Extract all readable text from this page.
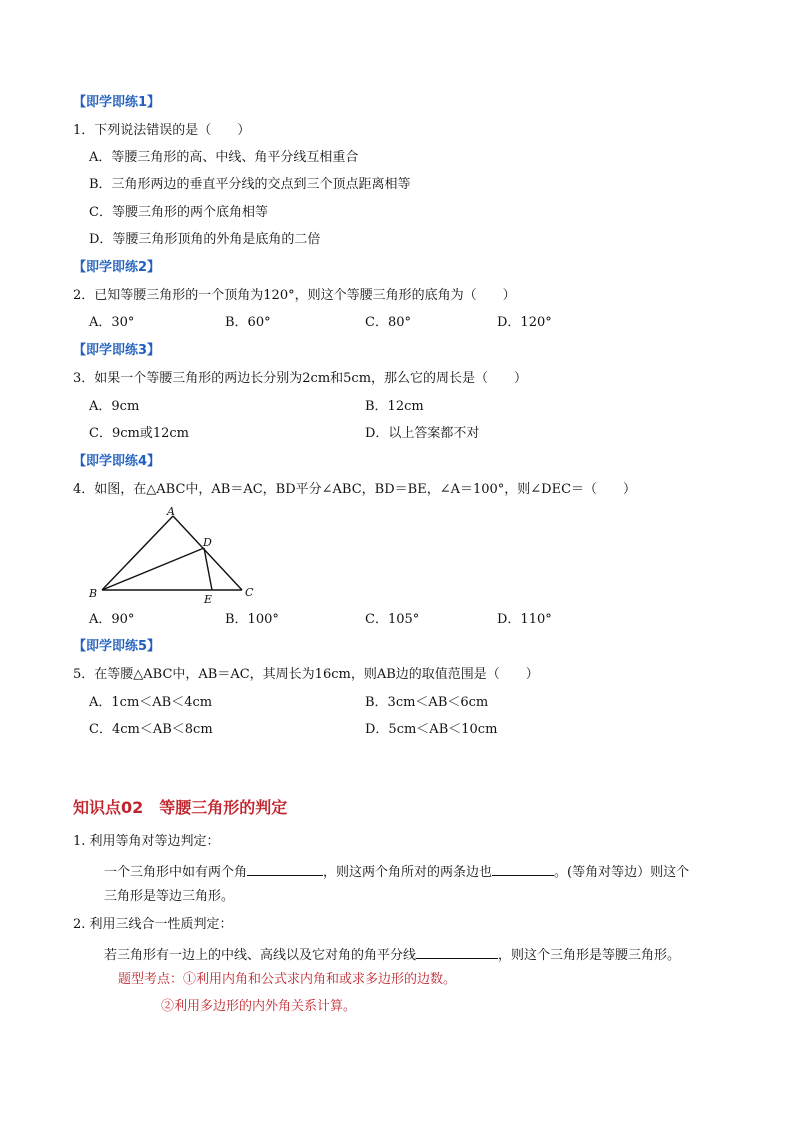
【即学即练1】
1．下列说法错误的是（　　）
A．等腰三角形的高、中线、角平分线互相重合
B．三角形两边的垂直平分线的交点到三个顶点距离相等
C．等腰三角形的两个底角相等
D．等腰三角形顶角的外角是底角的二倍
【即学即练2】
2．已知等腰三角形的一个顶角为120°，则这个等腰三角形的底角为（　　）
A．30°	B．60°	C．80°	D．120°
【即学即练3】
3．如果一个等腰三角形的两边长分别为2cm和5cm，那么它的周长是（　　）
A．9cm	B．12cm
C．9cm或12cm	D．以上答案都不对
【即学即练4】
4．如图，在△ABC中，AB＝AC，BD平分∠ABC，BD＝BE，∠A＝100°，则∠DEC＝（　　）
A
B	C
D
E
A．90°	B．100°	C．105°	D．110°
【即学即练5】
5．在等腰△ABC中，AB＝AC，其周长为16cm，则AB边的取值范围是（　　）
A．1cm＜AB＜4cm	B．3cm＜AB＜6cm
C．4cm＜AB＜8cm	D．5cm＜AB＜10cm
知识点02　等腰三角形的判定
1. 利用等角对等边判定：
一个三角形中如有两个角	，则这两个角所对的两条边也	。(等角对等边）则这个
三角形是等边三角形。
2. 利用三线合一性质判定：
若三角形有一边上的中线、高线以及它对角的角平分线	，则这个三角形是等腰三角形。
题型考点：①利用内角和公式求内角和或求多边形的边数。
②利用多边形的内外角关系计算。
